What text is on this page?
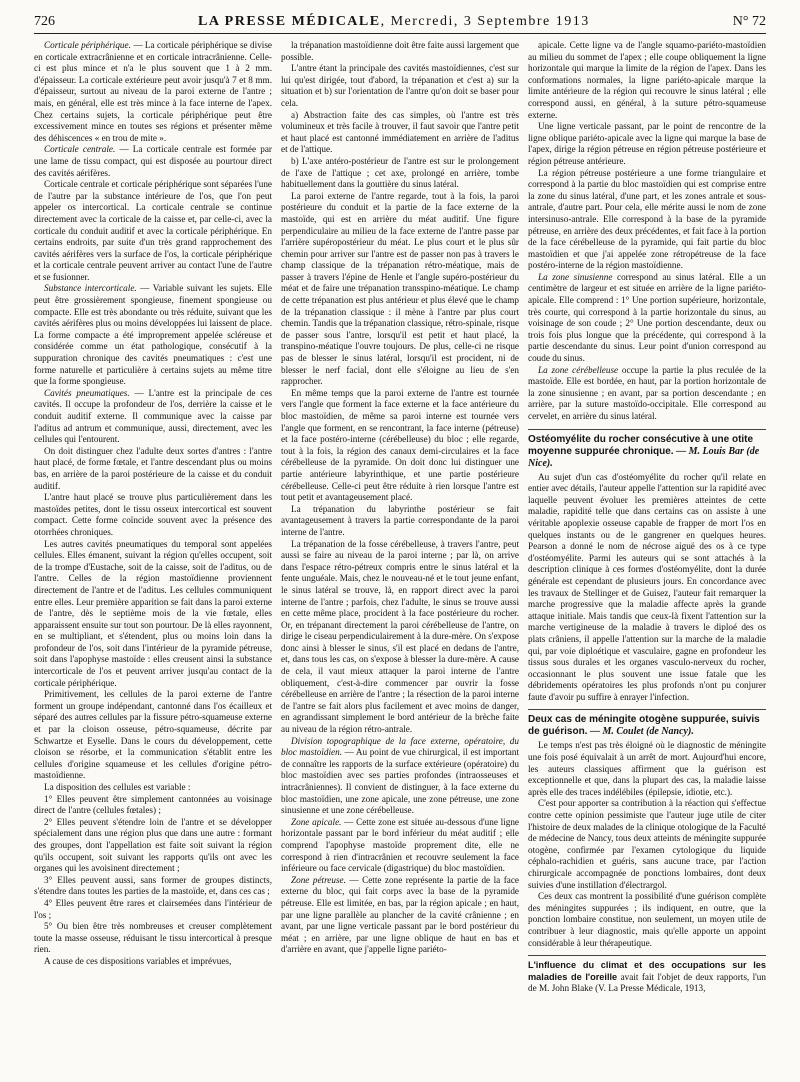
726	LA PRESSE MÉDICALE, Mercredi, 3 Septembre 1913	N° 72

Corticale périphérique. — La corticale périphérique se divise en corticale extracrânienne et en corticale intracrânienne. Celle-ci est plus mince et n'a le plus souvent que 1 à 2 mm. d'épaisseur. La corticale extérieure peut avoir jusqu'à 7 et 8 mm. d'épaisseur, surtout au niveau de la paroi externe de l'antre ; mais, en général, elle est très mince à la face interne de l'apex. Chez certains sujets, la corticale périphérique peut être excessivement mince en toutes ses régions et présenter même des déhiscences « en trou de mite ».

Corticale centrale. — La corticale centrale est formée par une lame de tissu compact, qui est disposée au pourtour direct des cavités aérifères.

Corticale centrale et corticale périphérique sont séparées l'une de l'autre par la substance intérieure de l'os, que l'on peut appeler os intercortical. La corticale centrale se continue directement avec la corticale de la caisse et, par celle-ci, avec la corticale du conduit auditif et avec la corticale périphérique. En certains endroits, par suite d'un très grand rapprochement des cavités aérifères vers la surface de l'os, la corticale périphérique et la corticale centrale peuvent arriver au contact l'une de l'autre et se fusionner.

Substance intercorticale. — Variable suivant les sujets. Elle peut être grossièrement spongieuse, finement spongieuse ou compacte. Elle est très abondante ou très réduite, suivant que les cavités aérifères plus ou moins développées lui laissent de place. La forme compacte a été improprement appelée scléreuse et considérée comme un état pathologique, consécutif à la suppuration chronique des cavités pneumatiques : c'est une forme naturelle et particulière à certains sujets au même titre que la forme spongieuse.

Cavités pneumatiques. — L'antre est la principale de ces cavités. Il occupe la profondeur de l'os, derrière la caisse et le conduit auditif externe. Il communique avec la caisse par l'aditus ad antrum et communique, aussi, directement, avec les cellules qui l'entourent.

On doit distinguer chez l'adulte deux sortes d'antres : l'antre haut placé, de forme fœtale, et l'antre descendant plus ou moins bas, en arrière de la paroi postérieure de la caisse et du conduit auditif.

L'antre haut placé se trouve plus particulièrement dans les mastoïdes petites, dont le tissu osseux intercortical est souvent compact. Cette forme coïncide souvent avec la présence des otorrhées chroniques.

Les autres cavités pneumatiques du temporal sont appelées cellules. Elles émanent, suivant la région qu'elles occupent, soit de la trompe d'Eustache, soit de la caisse, soit de l'aditus, ou de l'antre. Celles de la région mastoïdienne proviennent directement de l'antre et de l'aditus. Les cellules communiquent entre elles. Leur première apparition se fait dans la paroi externe de l'antre, dès le septième mois de la vie fœtale, elles apparaissent ensuite sur tout son pourtour. De là elles rayonnent, en se multipliant, et s'étendent, plus ou moins loin dans la profondeur de l'os, soit dans l'intérieur de la pyramide pétreuse, soit dans l'apophyse mastoïde : elles creusent ainsi la substance intercorticale de l'os et peuvent arriver jusqu'au contact de la corticale périphérique.

Primitivement, les cellules de la paroi externe de l'antre forment un groupe indépendant, cantonné dans l'os écailleux et séparé des autres cellules par la fissure pétro-squameuse externe et par la cloison osseuse, pétro-squameuse, décrite par Schwartze et Eyselle. Dans le cours du développement, cette cloison se résorbe, et la communication s'établit entre les cellules d'origine squameuse et les cellules d'origine pétro-mastoïdienne.

La disposition des cellules est variable :

1° Elles peuvent être simplement cantonnées au voisinage direct de l'antre (cellules fœtales) ;

2° Elles peuvent s'étendre loin de l'antre et se développer spécialement dans une région plus que dans une autre : formant des groupes, dont l'appellation est faite soit suivant la région qu'ils occupent, soit suivant les rapports qu'ils ont avec les organes qui les avoisinent directement ;

3° Elles peuvent aussi, sans former de groupes distincts, s'étendre dans toutes les parties de la mastoïde, et, dans ces cas ;

4° Elles peuvent être rares et clairsemées dans l'intérieur de l'os ;

5° Ou bien être très nombreuses et creuser complètement toute la masse osseuse, réduisant le tissu intercortical à presque rien.

A cause de ces dispositions variables et imprévues,

la trépanation mastoïdienne doit être faite aussi largement que possible.

L'antre étant la principale des cavités mastoïdiennes, c'est sur lui qu'est dirigée, tout d'abord, la trépanation et c'est a) sur la situation et b) sur l'orientation de l'antre qu'on doit se baser pour cela.

a) Abstraction faite des cas simples, où l'antre est très volumineux et très facile à trouver, il faut savoir que l'antre petit et haut placé est cantonné immédiatement en arrière de l'aditus et de l'attique.

b) L'axe antéro-postérieur de l'antre est sur le prolongement de l'axe de l'attique ; cet axe, prolongé en arrière, tombe habituellement dans la gouttière du sinus latéral.

La paroi externe de l'antre regarde, tout à la fois, la paroi postérieure du conduit et la partie de la face externe de la mastoïde, qui est en arrière du méat auditif. Une figure perpendiculaire au milieu de la face externe de l'antre passe par l'arrière supéropostérieur du méat. Le plus court et le plus sûr chemin pour arriver sur l'antre est de passer non pas à travers le champ classique de la trépanation rétro-méatique, mais de passer à travers l'épine de Henle et l'angle supéro-postérieur du méat et de faire une trépanation transspino-méatique. Le champ de cette trépanation est plus antérieur et plus élevé que le champ de la trépanation classique : il mène à l'antre par plus court chemin. Tandis que la trépanation classique, rétro-spinale, risque de passer sous l'antre, lorsqu'il est petit et haut placé, la transpino-méatique l'ouvre toujours. De plus, celle-ci ne risque pas de blesser le sinus latéral, lorsqu'il est procident, ni de blesser le nerf facial, dont elle s'éloigne au lieu de s'en rapprocher.

En même temps que la paroi externe de l'antre est tournée vers l'angle que forment la face externe et la face antérieure du bloc mastoïdien, de même sa paroi interne est tournée vers l'angle que forment, en se rencontrant, la face interne (pétreuse) et la face postéro-interne (cérébelleuse) du bloc ; elle regarde, tout à la fois, la région des canaux demi-circulaires et la face cérébelleuse de la pyramide. On doit donc lui distinguer une partie antérieure labyrinthique, et une partie postérieure cérébelleuse. Celle-ci peut être réduite à rien lorsque l'antre est tout petit et avantageusement placé.

La trépanation du labyrinthe postérieur se fait avantageusement à travers la partie correspondante de la paroi interne de l'antre.

La trépanation de la fosse cérébelleuse, à travers l'antre, peut aussi se faire au niveau de la paroi interne ; par là, on arrive dans l'espace rétro-pétreux compris entre le sinus latéral et la fente unguéale. Mais, chez le nouveau-né et le tout jeune enfant, le sinus latéral se trouve, là, en rapport direct avec la paroi interne de l'antre ; parfois, chez l'adulte, le sinus se trouve aussi en cette même place, procident à la face postérieure du rocher. Or, en trépanant directement la paroi cérébelleuse de l'antre, on dirige le ciseau perpendiculairement à la dure-mère. On s'expose donc ainsi à blesser le sinus, s'il est placé en dedans de l'antre, et, dans tous les cas, on s'expose à blesser la dure-mère. A cause de cela, il vaut mieux attaquer la paroi interne de l'antre obliquement, c'est-à-dire commencer par ouvrir la fosse cérébelleuse en arrière de l'antre ; la résection de la paroi interne de l'antre se fait alors plus facilement et avec moins de danger, en agrandissant simplement le bord antérieur de la brèche faite au niveau de la région rétro-antrale.

Division topographique de la face externe, opératoire, du bloc mastoïdien. — Au point de vue chirurgical, il est important de connaître les rapports de la surface extérieure (opératoire) du bloc mastoïdien avec ses parties profondes (intraosseuses et intracrâniennes). Il convient de distinguer, à la face externe du bloc mastoïdien, une zone apicale, une zone pétreuse, une zone sinusienne et une zone cérébelleuse.

Zone apicale. — Cette zone est située au-dessous d'une ligne horizontale passant par le bord inférieur du méat auditif ; elle comprend l'apophyse mastoïde proprement dite, elle ne correspond à rien d'intracrânien et recouvre seulement la face inférieure ou face cervicale (digastrique) du bloc mastoïdien.

Zone pétreuse. — Cette zone représente la partie de la face externe du bloc, qui fait corps avec la base de la pyramide pétreuse. Elle est limitée, en bas, par la région apicale ; en haut, par une ligne parallèle au plancher de la cavité crânienne ; en avant, par une ligne verticale passant par le bord postérieur du méat ; en arrière, par une ligne oblique de haut en bas et d'arrière en avant, que j'appelle ligne pariéto-

apicale. Cette ligne va de l'angle squamo-pariéto-mastoïdien au milieu du sommet de l'apex ; elle coupe obliquement la ligne horizontale qui marque la limite de la région de l'apex. Dans les conformations normales, la ligne pariéto-apicale marque la limite antérieure de la région qui recouvre le sinus latéral ; elle correspond aussi, en général, à la suture pétro-squameuse externe.

Une ligne verticale passant, par le point de rencontre de la ligne oblique pariéto-apicale avec la ligne qui marque la base de l'apex, dirige la région pétreuse en région pétreuse postérieure et région pétreuse antérieure.

La région pétreuse postérieure a une forme triangulaire et correspond à la partie du bloc mastoïdien qui est comprise entre la zone du sinus latéral, d'une part, et les zones antrale et sous-antrale, d'autre part. Pour cela, elle mérite aussi le nom de zone intersinuso-antrale. Elle correspond à la base de la pyramide pétreuse, en arrière des deux précédentes, et fait face à la portion de la face cérébelleuse de la pyramide, qui fait partie du bloc mastoïdien et que j'ai appelée zone rétropétreuse de la face postéro-interne de la région mastoïdienne.

La zone sinusienne correspond au sinus latéral. Elle a un centimètre de largeur et est située en arrière de la ligne pariéto-apicale. Elle comprend : 1° Une portion supérieure, horizontale, très courte, qui correspond à la partie horizontale du sinus, au voisinage de son coude ; 2° Une portion descendante, deux ou trois fois plus longue que la précédente, qui correspond à la partie descendante du sinus. Leur point d'union correspond au coude du sinus.

La zone cérébelleuse occupe la partie la plus reculée de la mastoïde. Elle est bordée, en haut, par la portion horizontale de la zone sinusienne ; en avant, par sa portion descendante ; en arrière, par la suture mastoïdo-occipitale. Elle correspond au cervelet, en arrière du sinus latéral.

Ostéomyélite du rocher consécutive à une otite moyenne suppurée chronique. — M. Louis Bar (de Nice).

Au sujet d'un cas d'ostéomyélite du rocher qu'il relate en entier avec détails, l'auteur appelle l'attention sur la rapidité avec laquelle peuvent évoluer les premières atteintes de cette maladie, rapidité telle que dans certains cas on assiste à une véritable apoplexie osseuse capable de frapper de mort l'os en quelques instants ou de le gangrener en quelques heures. Pearson a donné le nom de nécrose aiguë des os à ce type d'ostéomyélite. Parmi les auteurs qui se sont attachés à la description clinique à ces formes d'ostéomyélite, dont la durée générale est cependant de plusieurs jours. En concordance avec les travaux de Stellinger et de Guisez, l'auteur fait remarquer la marche progressive que la maladie affecte après la grande attaque initiale. Mais tandis que ceux-là fixent l'attention sur la marche vertigineuse de la maladie à travers le diploé des os plats crâniens, il appelle l'attention sur la marche de la maladie qui, par voie diploétique et vasculaire, gagne en profondeur les tissus sous durales et les organes vasculo-nerveux du rocher, occasionnant le plus souvent une issue fatale que les débridements opératoires les plus profonds n'ont pu conjurer faute d'avoir pu suffire à enrayer l'infection.

Deux cas de méningite otogène suppurée, suivis de guérison. — M. Coulet (de Nancy).

Le temps n'est pas très éloigné où le diagnostic de méningite une fois posé équivalait à un arrêt de mort. Aujourd'hui encore, les auteurs classiques affirment que la guérison est exceptionnelle et que, dans la plupart des cas, la maladie laisse après elle des traces indélébiles (épilepsie, idiotie, etc.).

C'est pour apporter sa contribution à la réaction qui s'effectue contre cette opinion pessimiste que l'auteur juge utile de citer l'histoire de deux malades de la clinique otologique de la Faculté de médecine de Nancy, tous deux atteints de méningite suppurée otogène, confirmée par l'examen cytologique du liquide céphalo-rachidien et guéris, sans aucune trace, par l'action chirurgicale accompagnée de ponctions lombaires, dont deux suivies d'une instillation d'électrargol.

Ces deux cas montrent la possibilité d'une guérison complète des méningites suppurées ; ils indiquent, en outre, que la ponction lombaire constitue, non seulement, un moyen utile de contribuer à leur diagnostic, mais qu'elle apporte un appoint considérable à leur thérapeutique.

L'influence du climat et des occupations sur les maladies de l'oreille avait fait l'objet de deux rapports, l'un de M. John Blake (V. La Presse Médicale, 1913,
